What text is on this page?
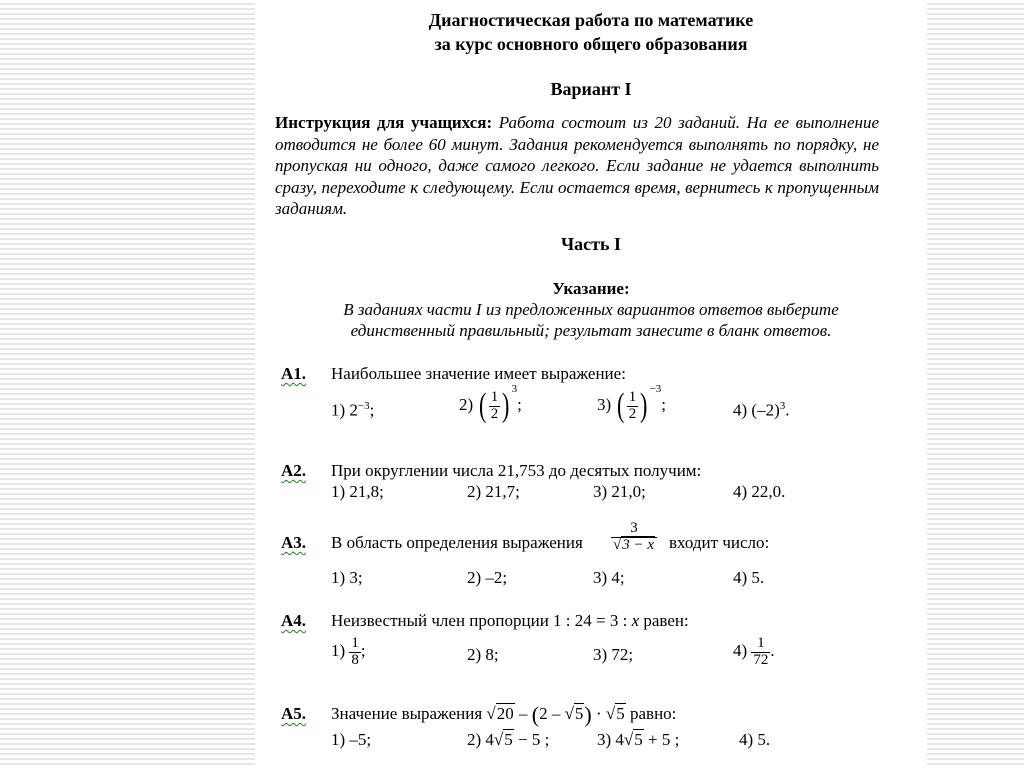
Диагностическая работа по математике
за курс основного общего образования
Вариант I
Инструкция для учащихся: Работа состоит из 20 заданий. На ее выполнение отводится не более 60 минут. Задания рекомендуется выполнять по порядку, не пропуская ни одного, даже самого легкого. Если задание не удается выполнить сразу, переходите к следующему. Если остается время, вернитесь к пропущенным заданиям.
Часть I
Указание:
В заданиях части I из предложенных вариантов ответов выберите
единственный правильный; результат занесите в бланк ответов.
A1. Наибольшее значение имеет выражение:
1) $2^{-3}$;	2) ( $\frac{1}{2}$ ) $^3$;	3) ( $\frac{1}{2}$ ) $^{-3}$;	4) $(-2)^3$.
A2. При округлении числа 21,753 до десятых получим:
1) 21,8;	2) 21,7;	3) 21,0;	4) 22,0.
A3. В область определения выражения $\frac{3}{√3 - x}$ входит число:
1) 3;	2) –2;	3) 4;	4) 5.
A4. Неизвестный член пропорции 1 : 24 = 3 : x равен:
$1) \frac{1}{8}$ ;	2) 8;	3) 72;	$4) \frac{1}{72}$ .
A5. Значение выражения √20 – (2 – √5) · √5 равно:
1) –5;	2) 4√5 − 5 ;	3) 4√5 + 5 ;	4) 5.
